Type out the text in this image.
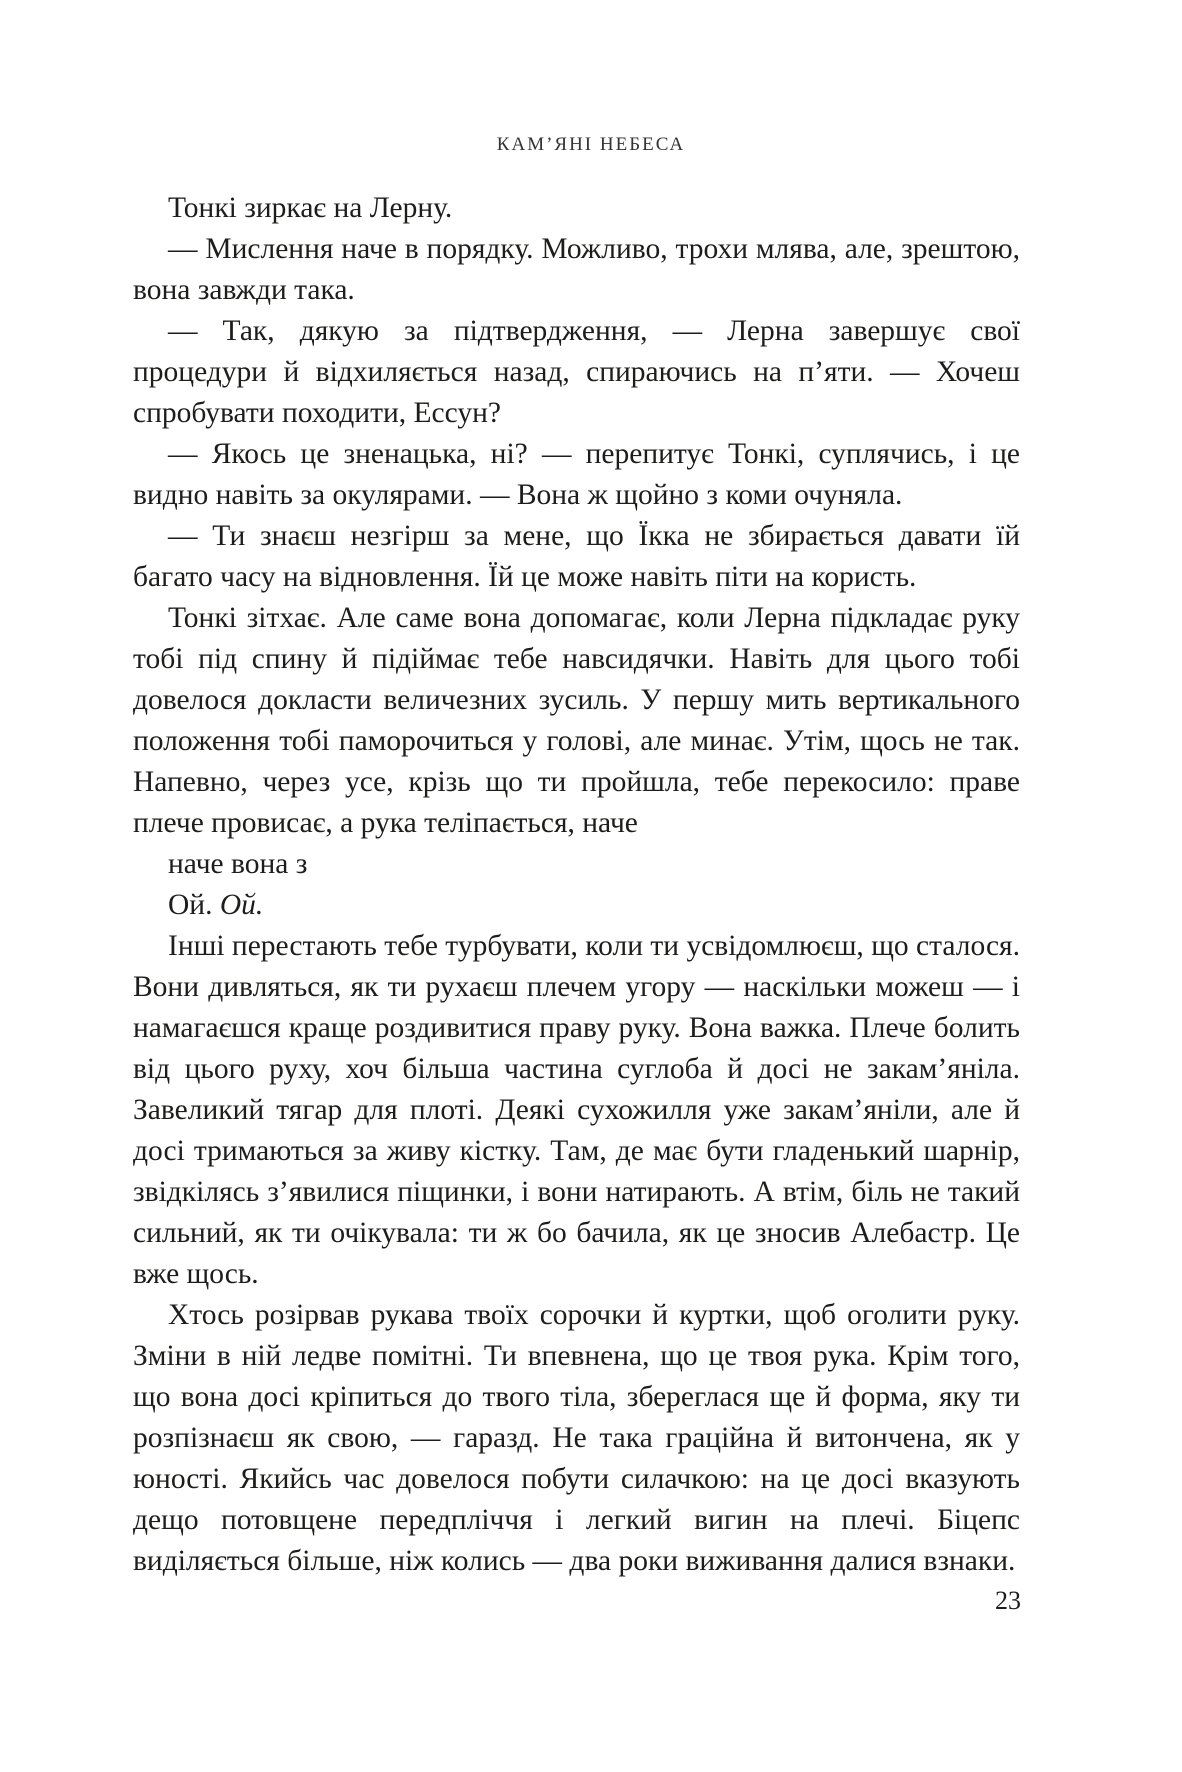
КАМ’ЯНІ НЕБЕСА

Тонкі зиркає на Лерну.

— Мислення наче в порядку. Можливо, трохи млява, але, зрештою, вона завжди така.

— Так, дякую за підтвердження, — Лерна завершує свої процедури й відхиляється назад, спираючись на п’яти. — Хочеш спробувати походити, Ессун?

— Якось це зненацька, ні? — перепитує Тонкі, суплячись, і це видно навіть за окулярами. — Вона ж щойно з коми очуняла.

— Ти знаєш незгірш за мене, що Їкка не збирається давати їй багато часу на відновлення. Їй це може навіть піти на користь.

Тонкі зітхає. Але саме вона допомагає, коли Лерна підкладає руку тобі під спину й підіймає тебе навсидячки. Навіть для цього тобі довелося докласти величезних зусиль. У першу мить вертикального положення тобі паморочиться у голові, але минає. Утім, щось не так. Напевно, через усе, крізь що ти пройшла, тебе перекосило: праве плече провисає, а рука теліпається, наче

наче вона з

Ой. Ой.

Інші перестають тебе турбувати, коли ти усвідомлюєш, що сталося. Вони дивляться, як ти рухаєш плечем угору — наскільки можеш — і намагаєшся краще роздивитися праву руку. Вона важка. Плече болить від цього руху, хоч більша частина суглоба й досі не закам’яніла. Завеликий тягар для плоті. Деякі сухожилля уже закам’яніли, але й досі тримаються за живу кістку. Там, де має бути гладенький шарнір, звідкілясь з’явилися піщинки, і вони натирають. А втім, біль не такий сильний, як ти очікувала: ти ж бо бачила, як це зносив Алебастр. Це вже щось.

Хтось розірвав рукава твоїх сорочки й куртки, щоб оголити руку. Зміни в ній ледве помітні. Ти впевнена, що це твоя рука. Крім того, що вона досі кріпиться до твого тіла, збереглася ще й форма, яку ти розпізнаєш як свою, — гаразд. Не така граційна й витончена, як у юності. Якийсь час довелося побути силачкою: на це досі вказують дещо потовщене передпліччя і легкий вигин на плечі. Біцепс виділяється більше, ніж колись — два роки виживання далися взнаки.

23
